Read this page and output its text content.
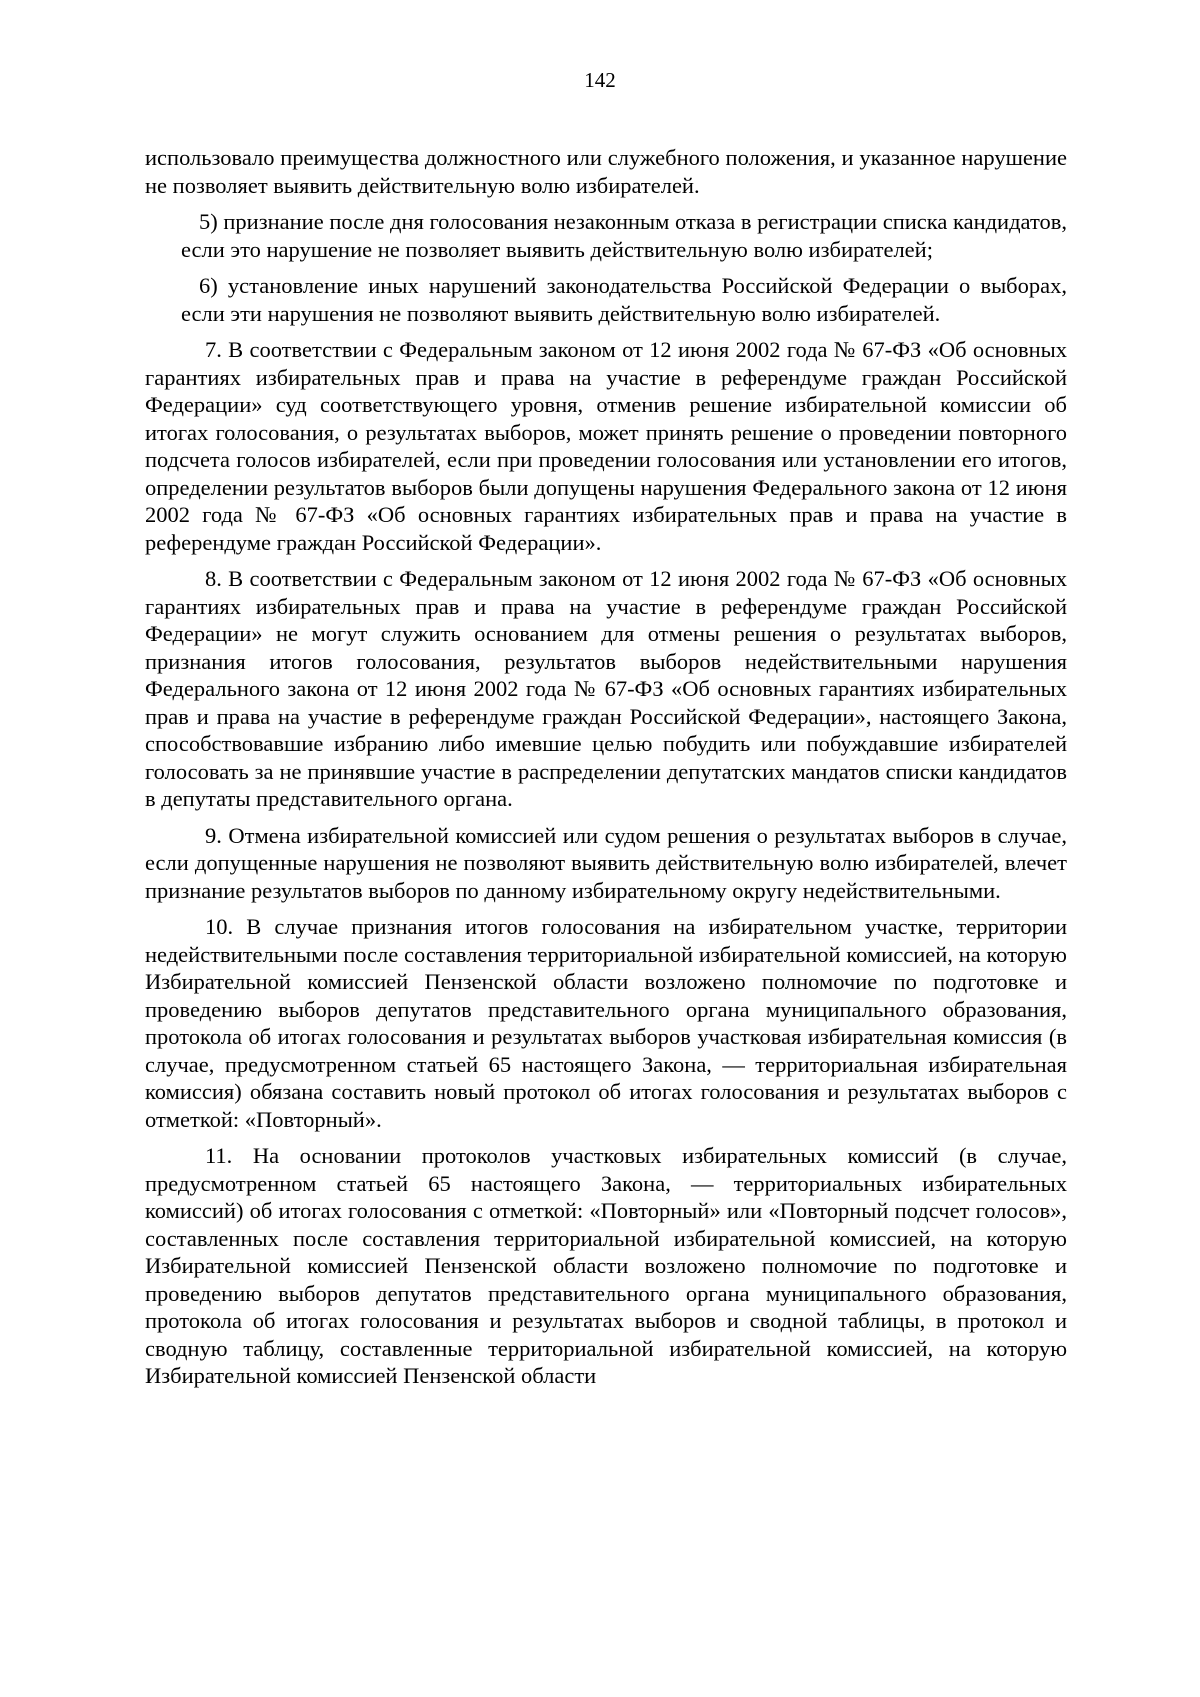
142

использовало преимущества должностного или служебного положения, и указанное нарушение не позволяет выявить действительную волю избирателей.

5) признание после дня голосования незаконным отказа в регистрации списка кандидатов, если это нарушение не позволяет выявить действительную волю избирателей;

6) установление иных нарушений законодательства Российской Федерации о выборах, если эти нарушения не позволяют выявить действительную волю избирателей.

7. В соответствии с Федеральным законом от 12 июня 2002 года № 67-ФЗ «Об основных гарантиях избирательных прав и права на участие в референдуме граждан Российской Федерации» суд соответствующего уровня, отменив решение избирательной комиссии об итогах голосования, о результатах выборов, может принять решение о проведении повторного подсчета голосов избирателей, если при проведении голосования или установлении его итогов, определении результатов выборов были допущены нарушения Федерального закона от 12 июня 2002 года № 67-ФЗ «Об основных гарантиях избирательных прав и права на участие в референдуме граждан Российской Федерации».

8. В соответствии с Федеральным законом от 12 июня 2002 года № 67-ФЗ «Об основных гарантиях избирательных прав и права на участие в референдуме граждан Российской Федерации» не могут служить основанием для отмены решения о результатах выборов, признания итогов голосования, результатов выборов недействительными нарушения Федерального закона от 12 июня 2002 года № 67-ФЗ «Об основных гарантиях избирательных прав и права на участие в референдуме граждан Российской Федерации», настоящего Закона, способствовавшие избранию либо имевшие целью побудить или побуждавшие избирателей голосовать за не принявшие участие в распределении депутатских мандатов списки кандидатов в депутаты представительного органа.

9. Отмена избирательной комиссией или судом решения о результатах выборов в случае, если допущенные нарушения не позволяют выявить действительную волю избирателей, влечет признание результатов выборов по данному избирательному округу недействительными.

10. В случае признания итогов голосования на избирательном участке, территории недействительными после составления территориальной избирательной комиссией, на которую Избирательной комиссией Пензенской области возложено полномочие по подготовке и проведению выборов депутатов представительного органа муниципального образования, протокола об итогах голосования и результатах выборов участковая избирательная комиссия (в случае, предусмотренном статьей 65 настоящего Закона, — территориальная избирательная комиссия) обязана составить новый протокол об итогах голосования и результатах выборов с отметкой: «Повторный».

11. На основании протоколов участковых избирательных комиссий (в случае, предусмотренном статьей 65 настоящего Закона, — территориальных избирательных комиссий) об итогах голосования с отметкой: «Повторный» или «Повторный подсчет голосов», составленных после составления территориальной избирательной комиссией, на которую Избирательной комиссией Пензенской области возложено полномочие по подготовке и проведению выборов депутатов представительного органа муниципального образования, протокола об итогах голосования и результатах выборов и сводной таблицы, в протокол и сводную таблицу, составленные территориальной избирательной комиссией, на которую Избирательной комиссией Пензенской области
